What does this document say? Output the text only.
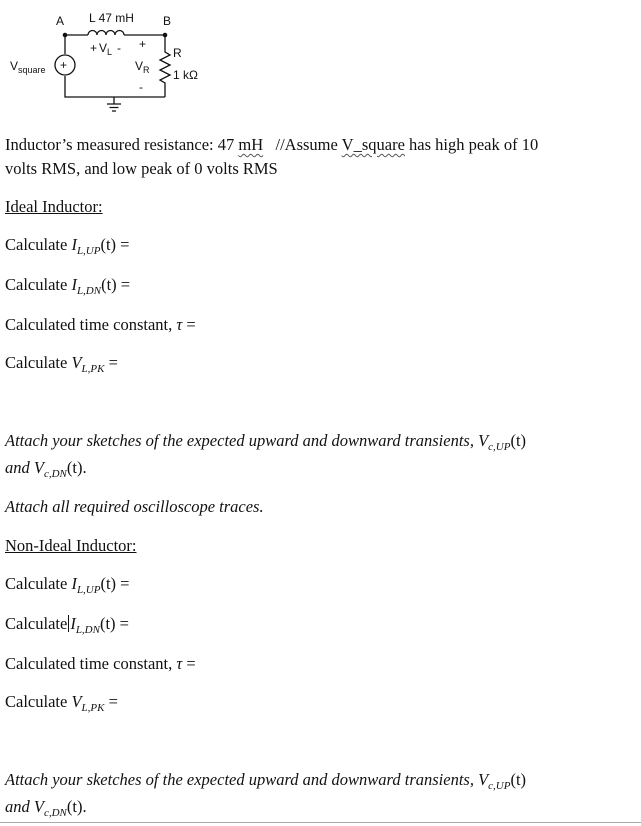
A	B
L 47 mH
+ V L -
+
V square
+
V R
-
R
1 kΩ
Inductor’s measured resistance: 47 mH   //Assume V_square has high peak of 10
volts RMS, and low peak of 0 volts RMS
Ideal Inductor:
Calculate $I_{L,UP}(t)$ =
Calculate $I_{L,DN}(t)$ =
Calculated time constant, τ =
Calculate $V_{L,PK}$ =
Attach your sketches of the expected upward and downward transients, $V_{c,UP}(t)$
and $V_{c,DN}(t)$.
Attach all required oscilloscope traces.
Non-Ideal Inductor:
Calculate $I_{L,UP}(t)$ =
Calculate $I_{L,DN}(t)$ =
Calculated time constant, τ =
Calculate $V_{L,PK}$ =
Attach your sketches of the expected upward and downward transients, $V_{c,UP}(t)$
and $V_{c,DN}(t)$.
